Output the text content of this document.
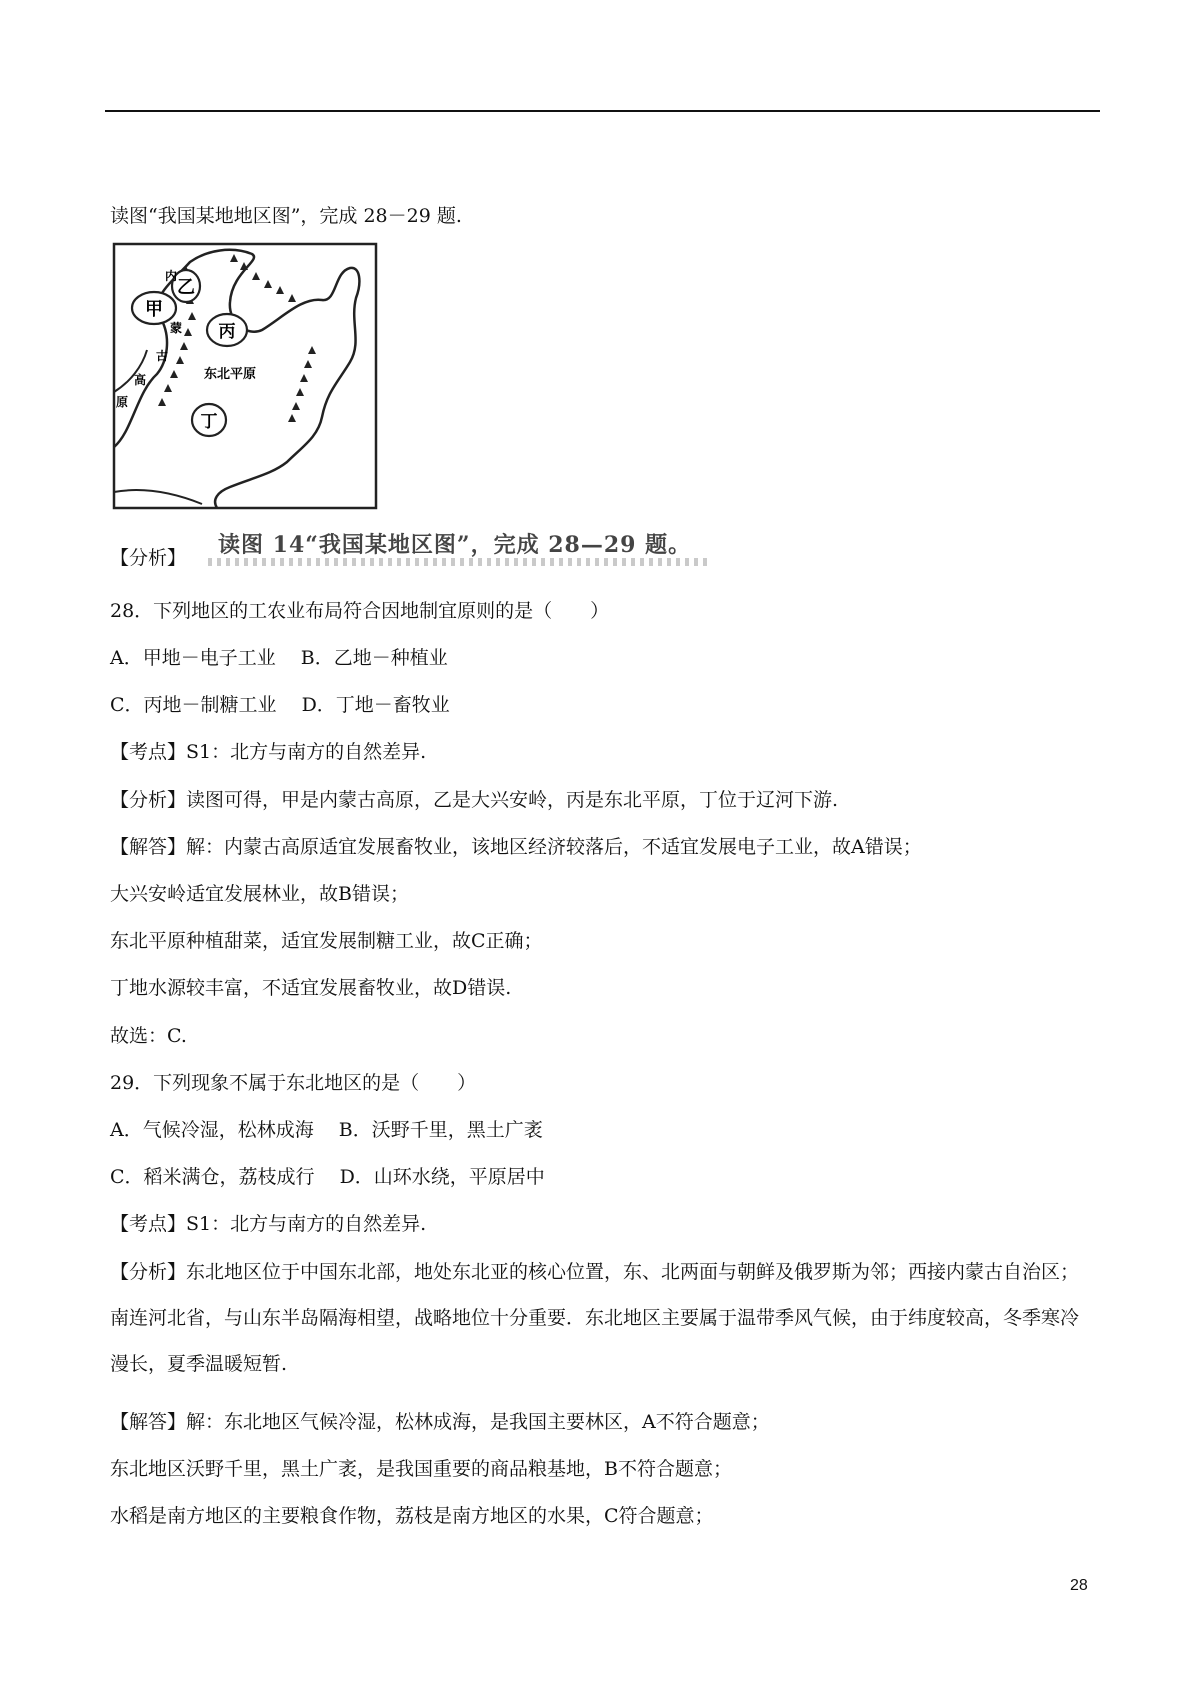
读图“我国某地地区图”，完成 28－29 题.
甲
乙
丙
丁
内
蒙
古
高
原
东北平原
【分析】 读图 14“我国某地区图”，完成 28—29 题。
28．下列地区的工农业布局符合因地制宜原则的是（　　）
A．甲地－电子工业　 B．乙地－种植业
C．丙地－制糖工业　 D．丁地－畜牧业
【考点】S1：北方与南方的自然差异.
【分析】读图可得，甲是内蒙古高原，乙是大兴安岭，丙是东北平原，丁位于辽河下游.
【解答】解：内蒙古高原适宜发展畜牧业，该地区经济较落后，不适宜发展电子工业，故A错误；
大兴安岭适宜发展林业，故B错误；
东北平原种植甜菜，适宜发展制糖工业，故C正确；
丁地水源较丰富，不适宜发展畜牧业，故D错误.
故选：C.
29．下列现象不属于东北地区的是（　　）
A．气候冷湿，松林成海　 B．沃野千里，黑土广袤
C．稻米满仓，荔枝成行　 D．山环水绕，平原居中
【考点】S1：北方与南方的自然差异.
【分析】东北地区位于中国东北部，地处东北亚的核心位置，东、北两面与朝鲜及俄罗斯为邻；西接内蒙古自治区；南连河北省，与山东半岛隔海相望，战略地位十分重要．东北地区主要属于温带季风气候，由于纬度较高，冬季寒冷漫长，夏季温暖短暂.
【解答】解：东北地区气候冷湿，松林成海，是我国主要林区，A不符合题意；
东北地区沃野千里，黑土广袤，是我国重要的商品粮基地，B不符合题意；
水稻是南方地区的主要粮食作物，荔枝是南方地区的水果，C符合题意；
28
